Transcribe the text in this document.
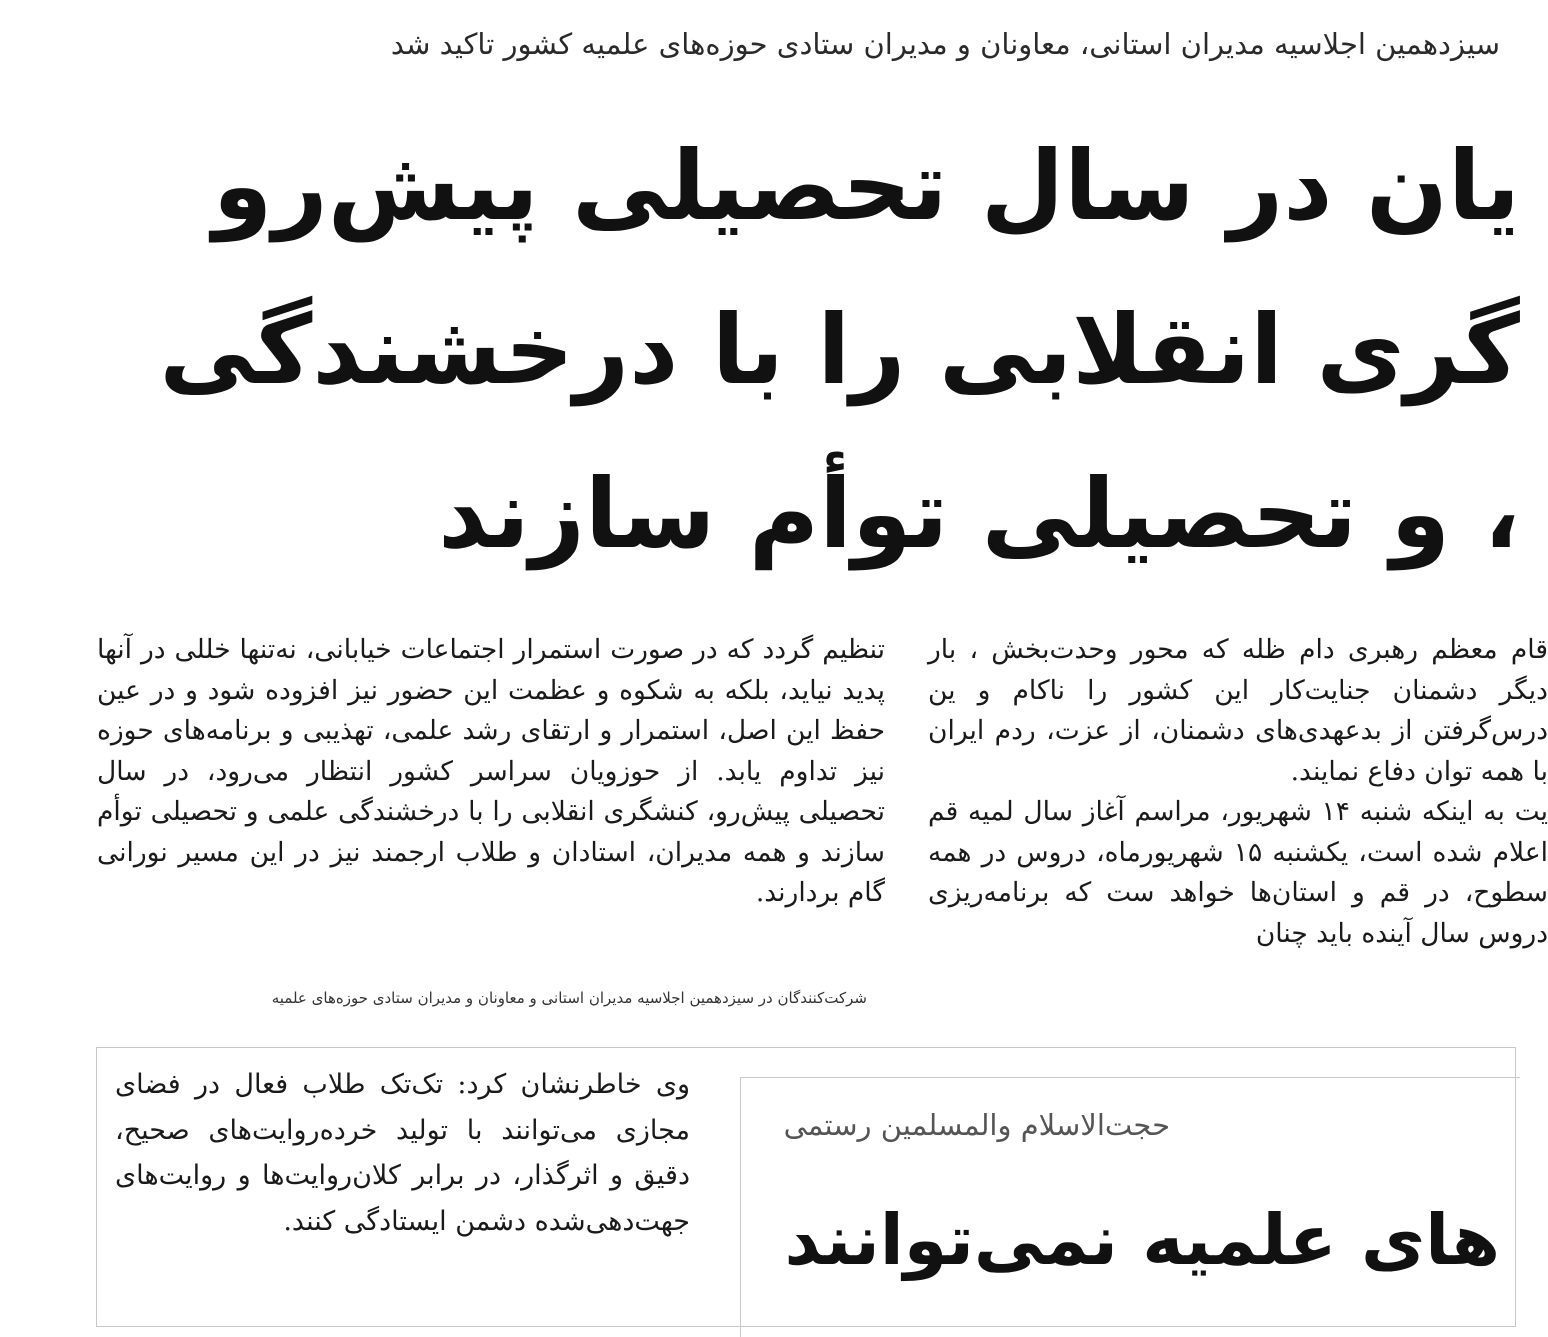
سیزدهمین اجلاسیه مدیران استانی، معاونان و مدیران ستادی حوزه‌های علمیه کشور تاکید شد
یان در سال تحصیلی پیش‌رو
گری انقلابی را با درخشندگی
، و تحصیلی توأم سازند

قام معظم رهبری دام ظله که محور وحدت‌بخش ، بار دیگر دشمنان جنایت‌کار این کشور را ناکام و ین درس‌گرفتن از بدعهدی‌های دشمنان، از عزت، ردم ایران با همه توان دفاع نمایند.

یت به اینکه شنبه ۱۴ شهریور، مراسم آغاز سال لمیه قم اعلام شده است، یکشنبه ۱۵ شهریورماه، دروس در همه سطوح، در قم و استان‌ها خواهد ست که برنامه‌ریزی دروس سال آینده باید چنان

تنظیم گردد که در صورت استمرار اجتماعات خیابانی، نه‌تنها خللی در آنها پدید نیاید، بلکه به شکوه و عظمت این حضور نیز افزوده شود و در عین حفظ این اصل، استمرار و ارتقای رشد علمی، تهذیبی و برنامه‌های حوزه نیز تداوم یابد. از حوزویان سراسر کشور انتظار می‌رود، در سال تحصیلی پیش‌رو، کنشگری انقلابی را با درخشندگی علمی و تحصیلی توأم سازند و همه مدیران، استادان و طلاب ارجمند نیز در این مسیر نورانی گام بردارند.

شرکت‌کنندگان در سیزدهمین اجلاسیه مدیران استانی و معاونان و مدیران ستادی حوزه‌های علمیه
وی خاطرنشان کرد: تک‌تک طلاب فعال در فضای مجازی می‌توانند با تولید خرده‌روایت‌های صحیح، دقیق و اثرگذار، در برابر کلان‌روایت‌ها و روایت‌های جهت‌دهی‌شده دشمن ایستادگی کنند.
حجت‌الاسلام والمسلمین رستمی
های علمیه نمی‌توانند
